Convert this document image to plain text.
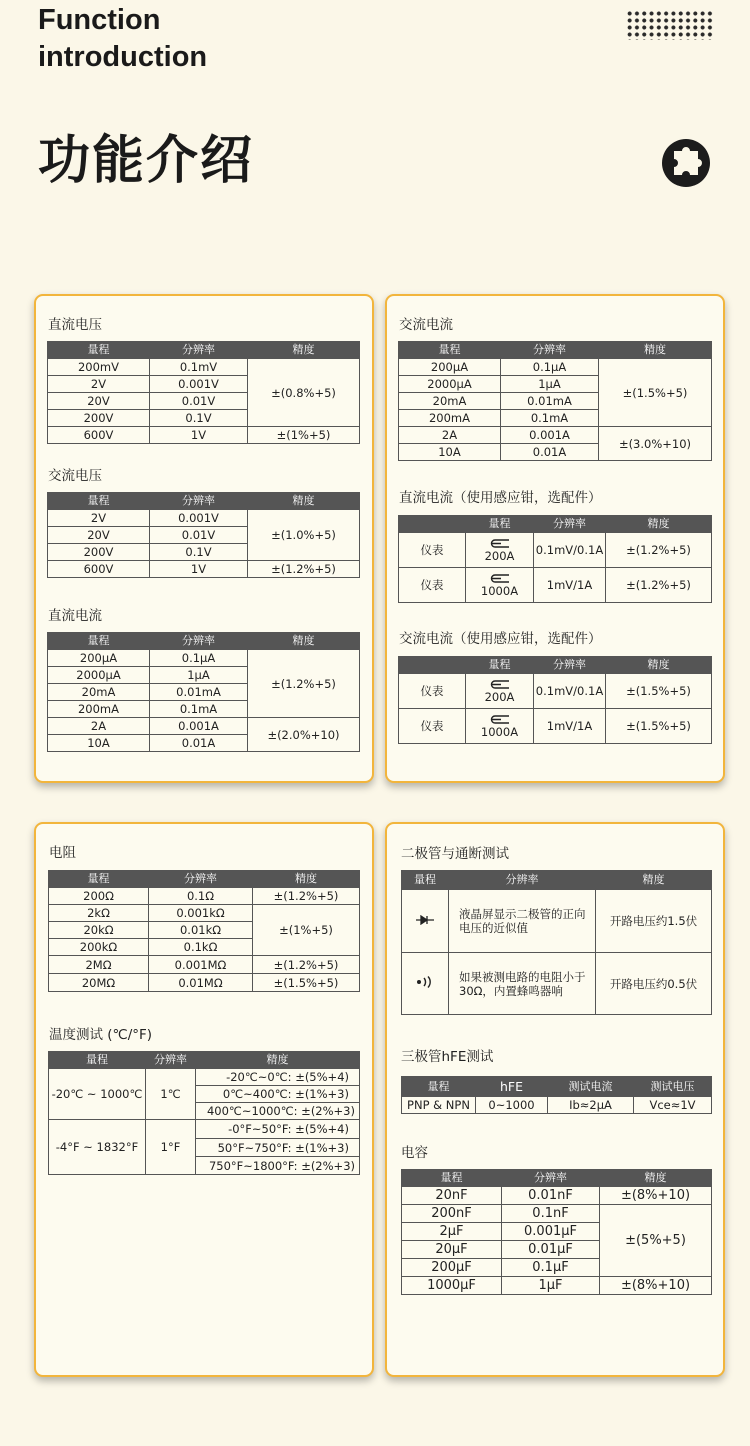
Function
introduction
功能介绍
直流电压
量程	分辨率	精度
200mV	0.1mV	±(0.8%+5)
2V	0.001V	
20V	0.01V	
200V	0.1V	
600V	1V	±(1%+5)
交流电压
量程	分辨率	精度
2V	0.001V	±(1.0%+5)
20V	0.01V	
200V	0.1V	
600V	1V	±(1.2%+5)
直流电流
量程	分辨率	精度
200μA	0.1μA	±(1.2%+5)
2000μA	1μA	
20mA	0.01mA	
200mA	0.1mA	
2A	0.001A	±(2.0%+10)
10A	0.01A	
交流电流
量程	分辨率	精度
200μA	0.1μA	±(1.5%+5)
2000μA	1μA	
20mA	0.01mA	
200mA	0.1mA	
2A	0.001A	±(3.0%+10)
10A	0.01A	
直流电流（使用感应钳，选配件）
	量程	分辨率	精度
仪表	200A	0.1mV/0.1A	±(1.2%+5)
仪表	1000A	1mV/1A	±(1.2%+5)
交流电流（使用感应钳，选配件）
	量程	分辨率	精度
仪表	200A	0.1mV/0.1A	±(1.5%+5)
仪表	1000A	1mV/1A	±(1.5%+5)
电阻
量程	分辨率	精度
200Ω	0.1Ω	±(1.2%+5)
2kΩ	0.001kΩ	±(1%+5)
20kΩ	0.01kΩ	
200kΩ	0.1kΩ	
2MΩ	0.001MΩ	±(1.2%+5)
20MΩ	0.01MΩ	±(1.5%+5)
温度测试 (℃/°F)
量程	分辨率	精度
-20℃ ~ 1000℃	1℃	-20℃~0℃: ±(5%+4)
		0℃~400℃: ±(1%+3)
		400℃~1000℃: ±(2%+3)
-4°F ~ 1832°F	1°F	-0°F~50°F: ±(5%+4)
		50°F~750°F: ±(1%+3)
		750°F~1800°F: ±(2%+3)
二极管与通断测试
量程	分辨率	精度
	液晶屏显示二极管的正向电压的近似值	开路电压约1.5伏
	如果被测电路的电阻小于30Ω，内置蜂鸣器响	开路电压约0.5伏
三极管hFE测试
量程	hFE	测试电流	测试电压
PNP & NPN	0~1000	Ib≈2μA	Vce≈1V
电容
量程	分辨率	精度
20nF	0.01nF	±(8%+10)
200nF	0.1nF	±(5%+5)
2μF	0.001μF	
20μF	0.01μF	
200μF	0.1μF	
1000μF	1μF	±(8%+10)
